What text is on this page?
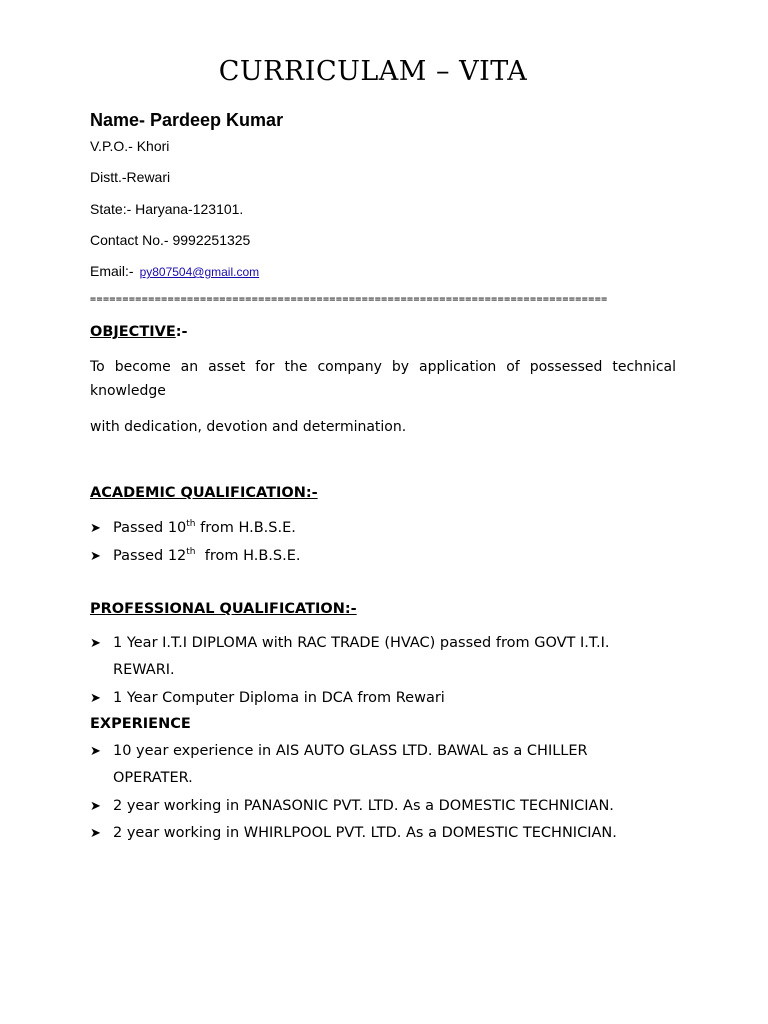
CURRICULAM – VITA
Name- Pardeep Kumar
V.P.O.- Khori
Distt.-Rewari
State:- Haryana-123101.
Contact No.- 9992251325
Email:- py807504@gmail.com
================================================================================
OBJECTIVE:-
To become an asset for the company by application of possessed technical knowledge
with dedication, devotion and determination.
ACADEMIC QUALIFICATION:-
➤ Passed 10th from H.B.S.E.
➤ Passed 12th  from H.B.S.E.
PROFESSIONAL QUALIFICATION:-
➤ 1 Year I.T.I DIPLOMA with RAC TRADE (HVAC) passed from GOVT I.T.I. REWARI.
➤ 1 Year Computer Diploma in DCA from Rewari
EXPERIENCE
➤ 10 year experience in AIS AUTO GLASS LTD. BAWAL as a CHILLER OPERATER.
➤ 2 year working in PANASONIC PVT. LTD. As a DOMESTIC TECHNICIAN.
➤ 2 year working in WHIRLPOOL PVT. LTD. As a DOMESTIC TECHNICIAN.
